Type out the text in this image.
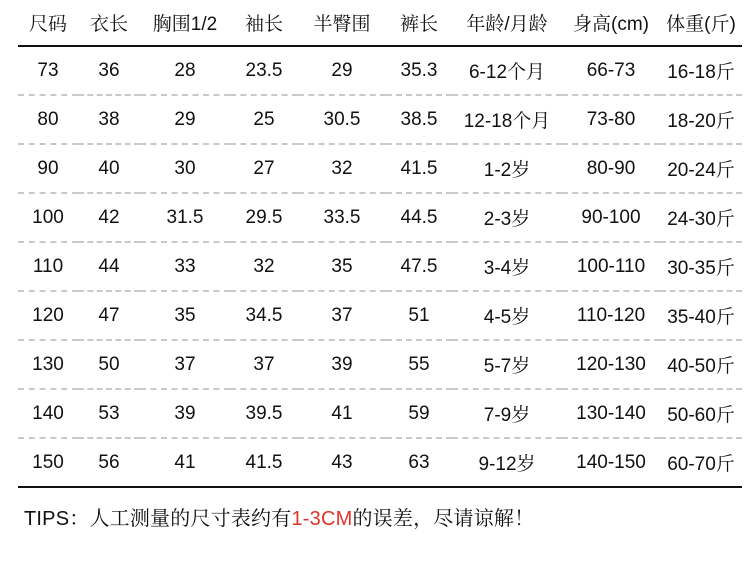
尺码	衣长	胸围1/2	袖长	半臀围	裤长	年龄/月龄	身高(cm)	体重(斤)
73	36	28	23.5	29	35.3	6-12个月	66-73	16-18斤
80	38	29	25	30.5	38.5	12-18个月	73-80	18-20斤
90	40	30	27	32	41.5	1-2岁	80-90	20-24斤
100	42	31.5	29.5	33.5	44.5	2-3岁	90-100	24-30斤
110	44	33	32	35	47.5	3-4岁	100-110	30-35斤
120	47	35	34.5	37	51	4-5岁	110-120	35-40斤
130	50	37	37	39	55	5-7岁	120-130	40-50斤
140	53	39	39.5	41	59	7-9岁	130-140	50-60斤
150	56	41	41.5	43	63	9-12岁	140-150	60-70斤
TIPS：人工测量的尺寸表约有1-3CM的误差，尽请谅解！
